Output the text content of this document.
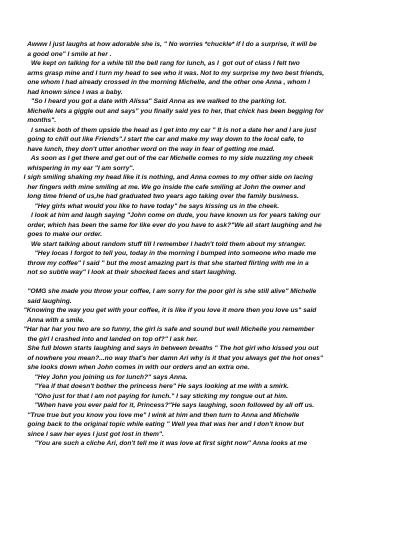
Awww I just laughs at how adorable she is, " No worries *chuckle* if I do a surprise, it will be
a good one" I smile at her .
We kept on talking for a while till the bell rang for lunch, as I  got out of class I felt two
arms grasp mine and I turn my head to see who it was. Not to my surprise my two best friends,
one whom I had already crossed in the morning Michelle, and the other one Anna , whom I
had known since I was a baby.
"So I heard you got a date with Alissa" Said Anna as we walked to the parking lot.
Michelle lets a giggle out and says" you finally said yes to her, that chick has been begging for
months".
I smack both of them upside the head as I get into my car " It is not a date her and I are just
going to chill out like Friends".I start the car and make my way down to the local cafe, to
have lunch, they don't utter another word on the way in fear of getting me mad.
As soon as I get there and get out of the car Michelle comes to my side nuzzling my cheek
whispering in my ear "I am sorry".
I sigh smiling shaking my head like it is nothing, and Anna comes to my other side on lacing
her fingers with mine smiling at me. We go inside the cafe smiling at John the owner and
long time friend of us,he had graduated two years ago taking over the family business.
"Hey girls what would you like to have today" he says kissing us in the cheek.
I look at him and laugh saying "John come on dude, you have known us for years taking our
order, which has been the same for like ever do you have to ask?"We all start laughing and he
goes to make our order.
We start talking about random stuff till I remember I hadn't told them about my stranger.
"Hey locas I forgot to tell you, today in the morning I bumped into someone who made me
throw my coffee" I said " but the most amazing part is that she started flirting with me in a
not so subtle way" I look at their shocked faces and start laughing.
"OMG she made you throw your coffee, I am sorry for the poor girl is she still alive" Michelle
said laughing.
"Knowing the way you get with your coffee, it is like if you love it more then you love us" said
Anna with a smile.
"Har har har you two are so funny, the girl is safe and sound but well Michelle you remember
the girl I crashed into and landed on top of?" I ask her.
She full blown starts laughing and says in between breaths " The hot girl who kissed you out
of nowhere you mean?...no way that's her damn Ari why is it that you always get the hot ones"
she looks down when John comes in with our orders and an extra one.
"Hey John you joining us for lunch?" says Anna.
"Yea if that doesn't bother the princess here" He says looking at me with a smirk.
"Oho just for that I am not paying for lunch." I say sticking my tongue out at him.
"When have you ever paid for it, Princess?"He says laughing, soon followed by all off us.
"True true but you know you love me" I wink at him and then turn to Anna and Michelle
going back to the original topic while eating " Well yea that was her and I don't know but
since I saw her eyes I just got lost in them".
"You are such a cliche Ari, don't tell me it was love at first sight now" Anna looks at me
